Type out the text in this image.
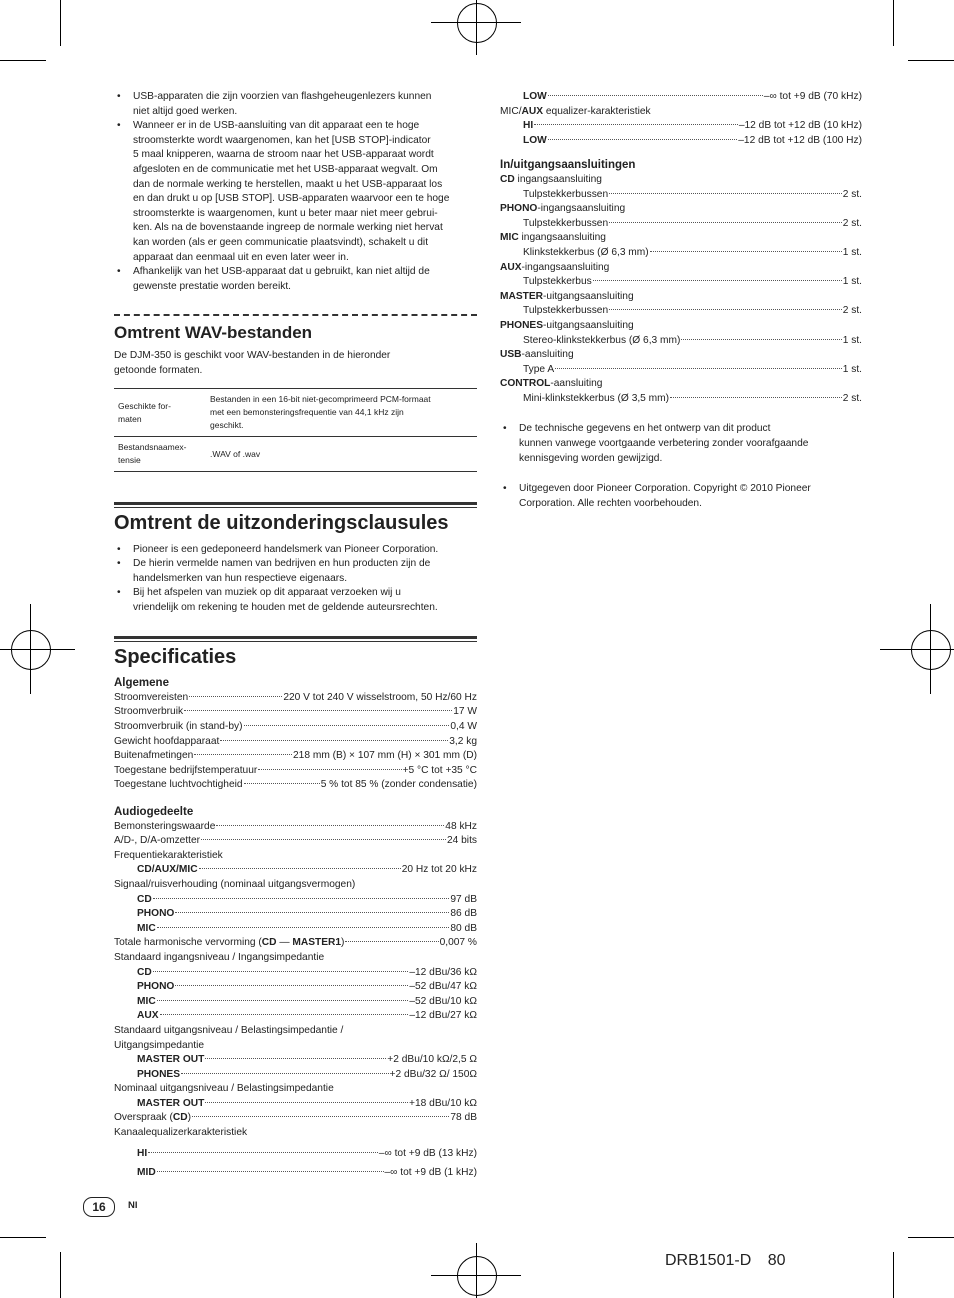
• USB-apparaten die zijn voorzien van flashgeheugenlezers kunnen
niet altijd goed werken.
• Wanneer er in de USB-aansluiting van dit apparaat een te hoge
stroomsterkte wordt waargenomen, kan het [USB STOP]-indicator
5 maal knipperen, waarna de stroom naar het USB-apparaat wordt
afgesloten en de communicatie met het USB-apparaat wegvalt. Om
dan de normale werking te herstellen, maakt u het USB-apparaat los
en dan drukt u op [USB STOP]. USB-apparaten waarvoor een te hoge
stroomsterkte is waargenomen, kunt u beter maar niet meer gebrui-
ken. Als na de bovenstaande ingreep de normale werking niet hervat
kan worden (als er geen communicatie plaatsvindt), schakelt u dit
apparaat dan eenmaal uit en even later weer in.
• Afhankelijk van het USB-apparaat dat u gebruikt, kan niet altijd de
gewenste prestatie worden bereikt.
Omtrent WAV-bestanden
De DJM-350 is geschikt voor WAV-bestanden in de hieronder
getoonde formaten.
Geschikte for-
maten	Bestanden in een 16-bit niet-gecomprimeerd PCM-formaat
met een bemonsteringsfrequentie van 44,1 kHz zijn
geschikt.
Bestandsnaamex-
tensie	.WAV of .wav
Omtrent de uitzonderingsclausules
• Pioneer is een gedeponeerd handelsmerk van Pioneer Corporation.
• De hierin vermelde namen van bedrijven en hun producten zijn de
handelsmerken van hun respectieve eigenaars.
• Bij het afspelen van muziek op dit apparaat verzoeken wij u
vriendelijk om rekening te houden met de geldende auteursrechten.
Specificaties
Algemene
Stroomvereisten	220 V tot 240 V wisselstroom, 50 Hz/60 Hz
Stroomverbruik	17 W
Stroomverbruik (in stand-by)	0,4 W
Gewicht hoofdapparaat	3,2 kg
Buitenafmetingen	218 mm (B) × 107 mm (H) × 301 mm (D)
Toegestane bedrijfstemperatuur	+5 °C tot +35 °C
Toegestane luchtvochtigheid	5 % tot 85 % (zonder condensatie)
Audiogedeelte
Bemonsteringswaarde	48 kHz
A/D-, D/A-omzetter	24 bits
Frequentiekarakteristiek
CD/AUX/MIC	20 Hz tot 20 kHz
Signaal/ruisverhouding (nominaal uitgangsvermogen)
CD	97 dB
PHONO	86 dB
MIC	80 dB
Totale harmonische vervorming (CD — MASTER1)	0,007 %
Standaard ingangsniveau / Ingangsimpedantie
CD	–12 dBu/36 kΩ
PHONO	–52 dBu/47 kΩ
MIC	–52 dBu/10 kΩ
AUX	–12 dBu/27 kΩ
Standaard uitgangsniveau / Belastingsimpedantie /
Uitgangsimpedantie
MASTER OUT	+2 dBu/10 kΩ/2,5 Ω
PHONES	+2 dBu/32 Ω/ 150Ω
Nominaal uitgangsniveau / Belastingsimpedantie
MASTER OUT	+18 dBu/10 kΩ
Overspraak (CD)	78 dB
Kanaalequalizerkarakteristiek
HI	–∞ tot +9 dB (13 kHz)
MID	–∞ tot +9 dB (1 kHz)
LOW	–∞ tot +9 dB (70 kHz)
MIC/AUX equalizer-karakteristiek
HI	–12 dB tot +12 dB (10 kHz)
LOW	–12 dB tot +12 dB (100 Hz)
In/uitgangsaansluitingen
CD ingangsaansluiting
Tulpstekkerbussen	2 st.
PHONO-ingangsaansluiting
Tulpstekkerbussen	2 st.
MIC ingangsaansluiting
Klinkstekkerbus (Ø 6,3 mm)	1 st.
AUX-ingangsaansluiting
Tulpstekkerbus	1 st.
MASTER-uitgangsaansluiting
Tulpstekkerbussen	2 st.
PHONES-uitgangsaansluiting
Stereo-klinkstekkerbus (Ø 6,3 mm)	1 st.
USB-aansluiting
Type A	1 st.
CONTROL-aansluiting
Mini-klinkstekkerbus (Ø 3,5 mm)	2 st.
• De technische gegevens en het ontwerp van dit product
kunnen vanwege voortgaande verbetering zonder voorafgaande
kennisgeving worden gewijzigd.
• Uitgegeven door Pioneer Corporation. Copyright © 2010 Pioneer
Corporation. Alle rechten voorbehouden.
16	Nl
DRB1501-D 80
